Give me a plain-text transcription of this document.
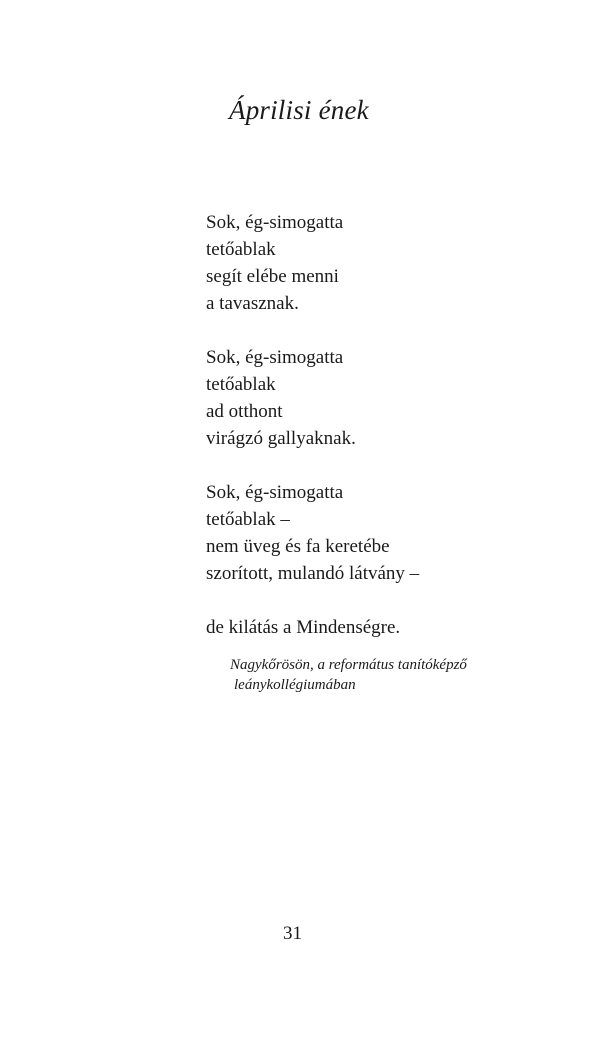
Áprilisi ének

Sok, ég-simogatta
tetőablak
segít elébe menni
a tavasznak.

Sok, ég-simogatta
tetőablak
ad otthont
virágzó gallyaknak.

Sok, ég-simogatta
tetőablak –
nem üveg és fa keretébe
szorított, mulandó látvány –

de kilátás a Mindenségre.

Nagykőrösön, a református tanítóképző
leánykollégiumában
31
